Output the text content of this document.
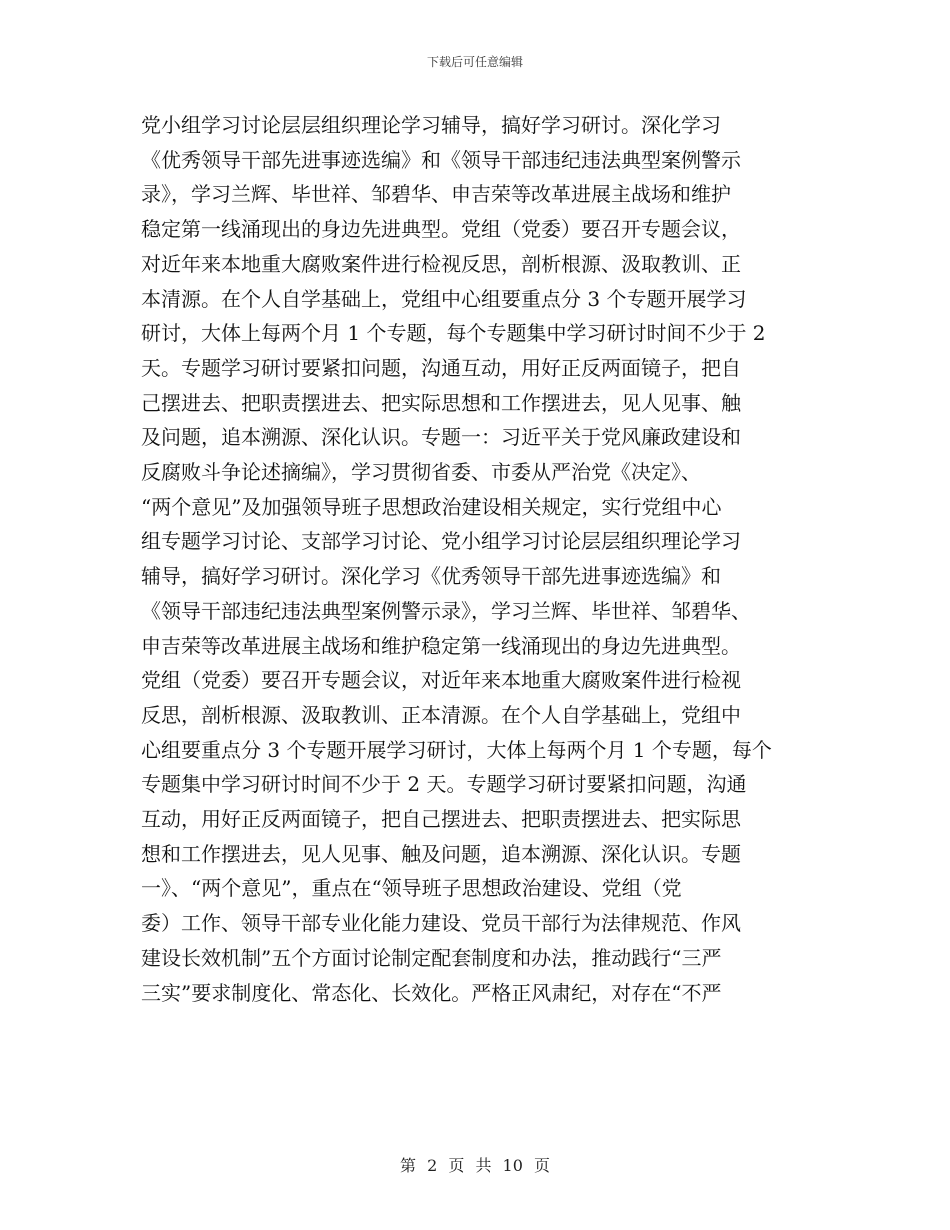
下载后可任意编辑
党小组学习讨论层层组织理论学习辅导，搞好学习研讨。深化学习
《优秀领导干部先进事迹选编》和《领导干部违纪违法典型案例警示
录》，学习兰辉、毕世祥、邹碧华、申吉荣等改革进展主战场和维护
稳定第一线涌现出的身边先进典型。党组（党委）要召开专题会议，
对近年来本地重大腐败案件进行检视反思，剖析根源、汲取教训、正
本清源。在个人自学基础上，党组中心组要重点分 3 个专题开展学习
研讨，大体上每两个月 1 个专题，每个专题集中学习研讨时间不少于 2
天。专题学习研讨要紧扣问题，沟通互动，用好正反两面镜子，把自
己摆进去、把职责摆进去、把实际思想和工作摆进去，见人见事、触
及问题，追本溯源、深化认识。专题一：习近平关于党风廉政建设和
反腐败斗争论述摘编》，学习贯彻省委、市委从严治党《决定》、
“两个意见”及加强领导班子思想政治建设相关规定，实行党组中心
组专题学习讨论、支部学习讨论、党小组学习讨论层层组织理论学习
辅导，搞好学习研讨。深化学习《优秀领导干部先进事迹选编》和
《领导干部违纪违法典型案例警示录》，学习兰辉、毕世祥、邹碧华、
申吉荣等改革进展主战场和维护稳定第一线涌现出的身边先进典型。
党组（党委）要召开专题会议，对近年来本地重大腐败案件进行检视
反思，剖析根源、汲取教训、正本清源。在个人自学基础上，党组中
心组要重点分 3 个专题开展学习研讨，大体上每两个月 1 个专题，每个
专题集中学习研讨时间不少于 2 天。专题学习研讨要紧扣问题，沟通
互动，用好正反两面镜子，把自己摆进去、把职责摆进去、把实际思
想和工作摆进去，见人见事、触及问题，追本溯源、深化认识。专题
一》、“两个意见”，重点在“领导班子思想政治建设、党组（党
委）工作、领导干部专业化能力建设、党员干部行为法律规范、作风
建设长效机制”五个方面讨论制定配套制度和办法，推动践行“三严
三实”要求制度化、常态化、长效化。严格正风肃纪，对存在“不严
第 2 页 共 10 页
